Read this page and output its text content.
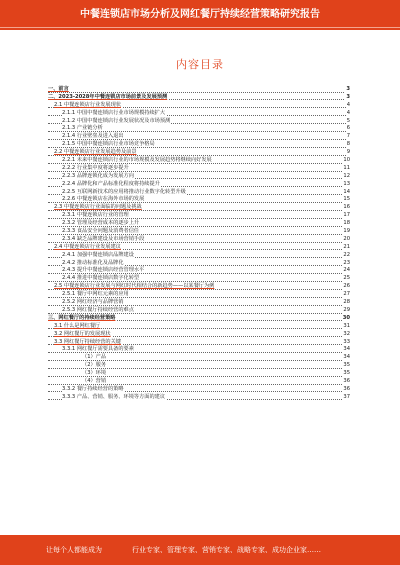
中餐连锁店市场分析及网红餐厅持续经营策略研究报告
内容目录
一、前言	3
二、2023-2028年中餐连锁店市场前景及发展预测	3
2.1 中餐连锁店行业发展现状	4
2.1.1 中国中餐连锁店行业市场规模持续扩大	4
2.1.2 中国中餐连锁店行业发展状况及市场预测	5
2.1.3 产业链分析	6
2.1.4 行业壁垒及进入退出	7
2.1.5 中国中餐连锁店行业市场竞争格局	8
2.2 中餐连锁店行业发展趋势及前景	9
2.2.1 未来中餐连锁店行业的市场规模及发展趋势将继续向好发展	10
2.2.2 行业集中度将逐步提升	11
2.2.3 品牌连锁化成为发展方向	12
2.2.4 品牌化和产品标准化程度将持续提升	13
2.2.5 互联网新技术的应用将推动行业数字化转型升级	14
2.2.6 中餐连锁店在海外市场的发展	15
2.3 中餐连锁店行业面临的问题及挑战	16
2.3.1 中餐连锁店行业的管理	17
2.3.2 管理及经营成本的逐步上升	18
2.3.3 食品安全问题及消费者信任	19
2.3.4 缺乏品牌建设及市场营销手段	20
2.4 中餐连锁店行业发展建议	21
2.4.1 加强中餐连锁店品牌建设	22
2.4.2 推动标准化及品牌化	23
2.4.3 提升中餐连锁店经营管理水平	24
2.4.4 推进中餐连锁店数字化转型	25
2.5 中餐连锁店行业发展与网红时代相结合的新趋势——以某餐厅为例	26
2.5.1 餐厅中网红元素的应用	27
2.5.2 网红经济与品牌营销	28
2.5.3 网红餐厅持续经营的难点	29
三、网红餐厅的持续经营策略	30
3.1 什么是网红餐厅	31
3.2 网红餐厅的发展现状	32
3.3 网红餐厅持续经营的关键	33
3.3.1 网红餐厅需要具备的要素	34
（1）产品	34
（2）服务	35
（3）环境	35
（4）营销	36
3.3.2 餐厅持续经营的策略	36
3.3.3 产品、营销、服务、环境等方面的建议	37
让每个人都能成为	行业专家、管理专家、营销专家、战略专家、成功企业家……
